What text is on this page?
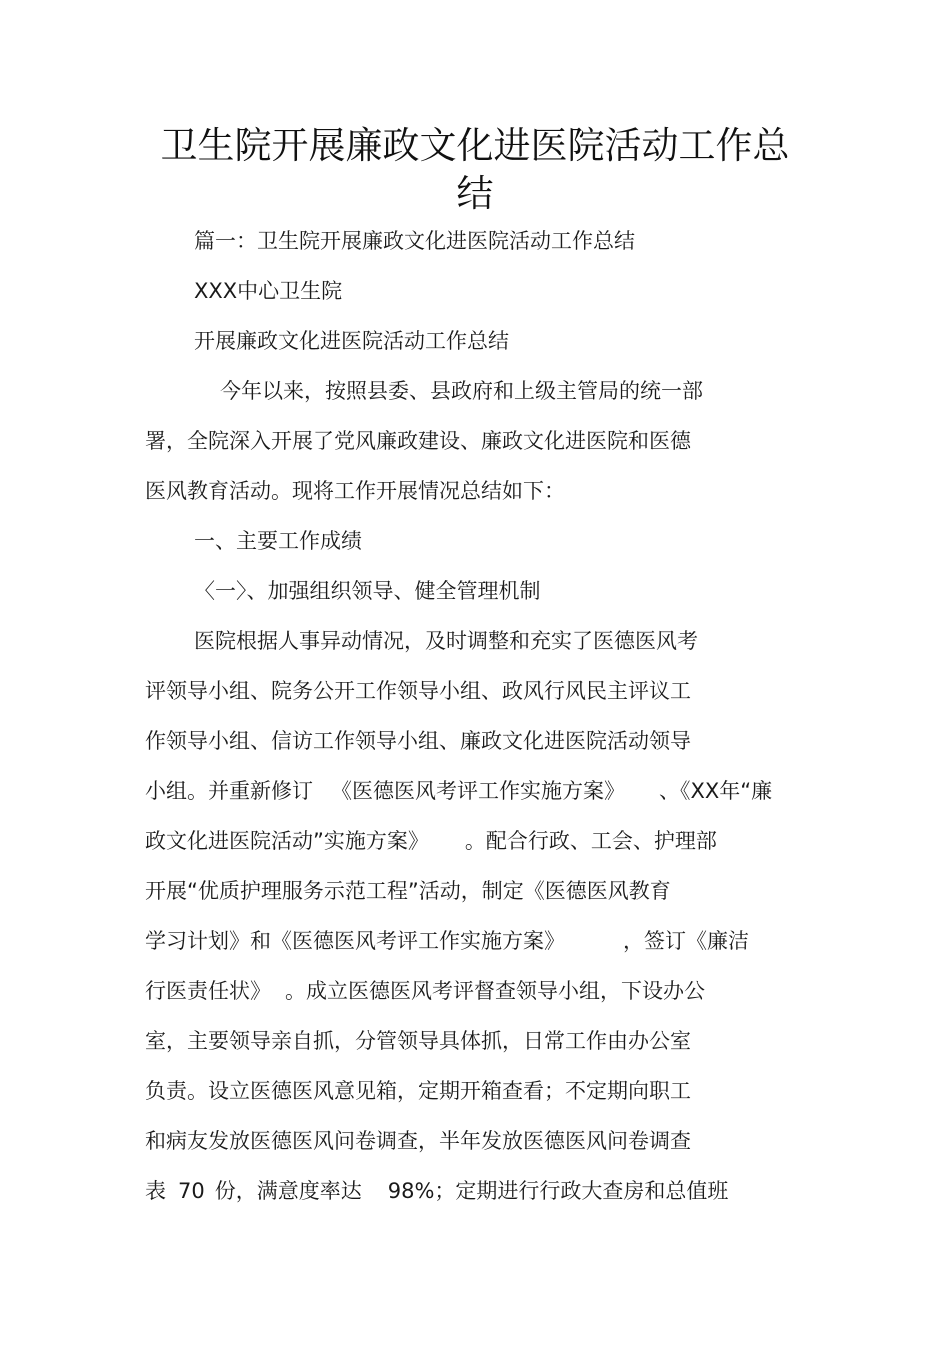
卫生院开展廉政文化进医院活动工作总
结
篇一：卫生院开展廉政文化进医院活动工作总结
XXX中心卫生院
开展廉政文化进医院活动工作总结
今年以来，按照县委、县政府和上级主管局的统一部
署，全院深入开展了党风廉政建设、廉政文化进医院和医德
医风教育活动。现将工作开展情况总结如下：
一、主要工作成绩
〈一〉、加强组织领导、健全管理机制
医院根据人事异动情况，及时调整和充实了医德医风考
评领导小组、院务公开工作领导小组、政风行风民主评议工
作领导小组、信访工作领导小组、廉政文化进医院活动领导
小组。并重新修订 《医德医风考评工作实施方案》 、《XX年“廉
政文化进医院活动”实施方案》 。配合行政、工会、护理部
开展“优质护理服务示范工程”活动，制定《医德医风教育
学习计划》和《医德医风考评工作实施方案》	，签订《廉洁
行医责任状》 。成立医德医风考评督查领导小组，下设办公
室，主要领导亲自抓，分管领导具体抓，日常工作由办公室
负责。设立医德医风意见箱，定期开箱查看；不定期向职工
和病友发放医德医风问卷调查，半年发放医德医风问卷调查
表 70 份，满意度率达 98%；定期进行行政大查房和总值班
